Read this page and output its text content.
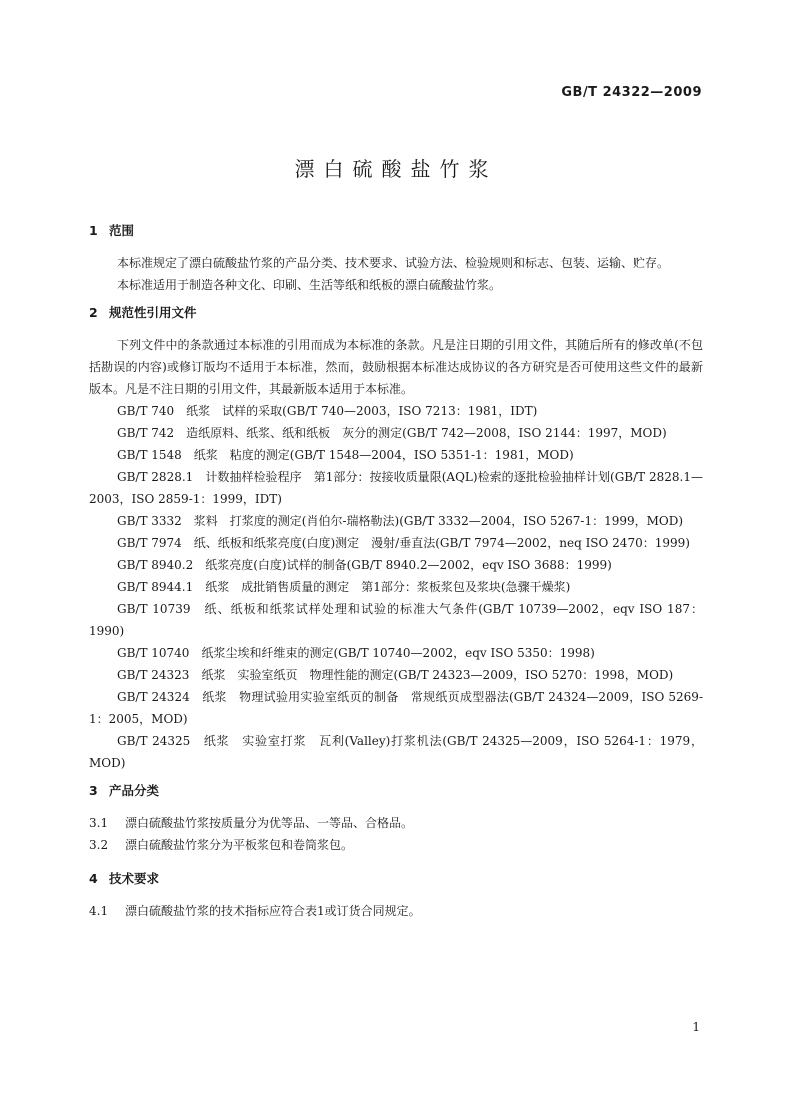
GB/T 24322—2009
漂白硫酸盐竹浆
1 范围

本标准规定了漂白硫酸盐竹浆的产品分类、技术要求、试验方法、检验规则和标志、包装、运输、贮存。

本标准适用于制造各种文化、印刷、生活等纸和纸板的漂白硫酸盐竹浆。

2 规范性引用文件

下列文件中的条款通过本标准的引用而成为本标准的条款。凡是注日期的引用文件，其随后所有的修改单(不包括勘误的内容)或修订版均不适用于本标准，然而，鼓励根据本标准达成协议的各方研究是否可使用这些文件的最新版本。凡是不注日期的引用文件，其最新版本适用于本标准。

GB/T 740　纸浆　试样的采取(GB/T 740—2003，ISO 7213：1981，IDT)

GB/T 742　造纸原料、纸浆、纸和纸板　灰分的测定(GB/T 742—2008，ISO 2144：1997，MOD)

GB/T 1548　纸浆　粘度的测定(GB/T 1548—2004，ISO 5351-1：1981，MOD)

GB/T 2828.1　计数抽样检验程序　第1部分：按接收质量限(AQL)检索的逐批检验抽样计划(GB/T 2828.1—2003，ISO 2859-1：1999，IDT)

GB/T 3332　浆料　打浆度的测定(肖伯尔-瑞格勒法)(GB/T 3332—2004，ISO 5267-1：1999，MOD)

GB/T 7974　纸、纸板和纸浆亮度(白度)测定　漫射/垂直法(GB/T 7974—2002，neq ISO 2470：1999)

GB/T 8940.2　纸浆亮度(白度)试样的制备(GB/T 8940.2—2002，eqv ISO 3688：1999)

GB/T 8944.1　纸浆　成批销售质量的测定　第1部分：浆板浆包及浆块(急骤干燥浆)

GB/T 10739　纸、纸板和纸浆试样处理和试验的标准大气条件(GB/T 10739—2002，eqv ISO 187：1990)

GB/T 10740　纸浆尘埃和纤维束的测定(GB/T 10740—2002，eqv ISO 5350：1998)

GB/T 24323　纸浆　实验室纸页　物理性能的测定(GB/T 24323—2009，ISO 5270：1998，MOD)

GB/T 24324　纸浆　物理试验用实验室纸页的制备　常规纸页成型器法(GB/T 24324—2009，ISO 5269-1：2005，MOD)

GB/T 24325　纸浆　实验室打浆　瓦利(Valley)打浆机法(GB/T 24325—2009，ISO 5264-1：1979，MOD)

3 产品分类
3.1 漂白硫酸盐竹浆按质量分为优等品、一等品、合格品。
3.2 漂白硫酸盐竹浆分为平板浆包和卷筒浆包。
4 技术要求
4.1 漂白硫酸盐竹浆的技术指标应符合表1或订货合同规定。
1
